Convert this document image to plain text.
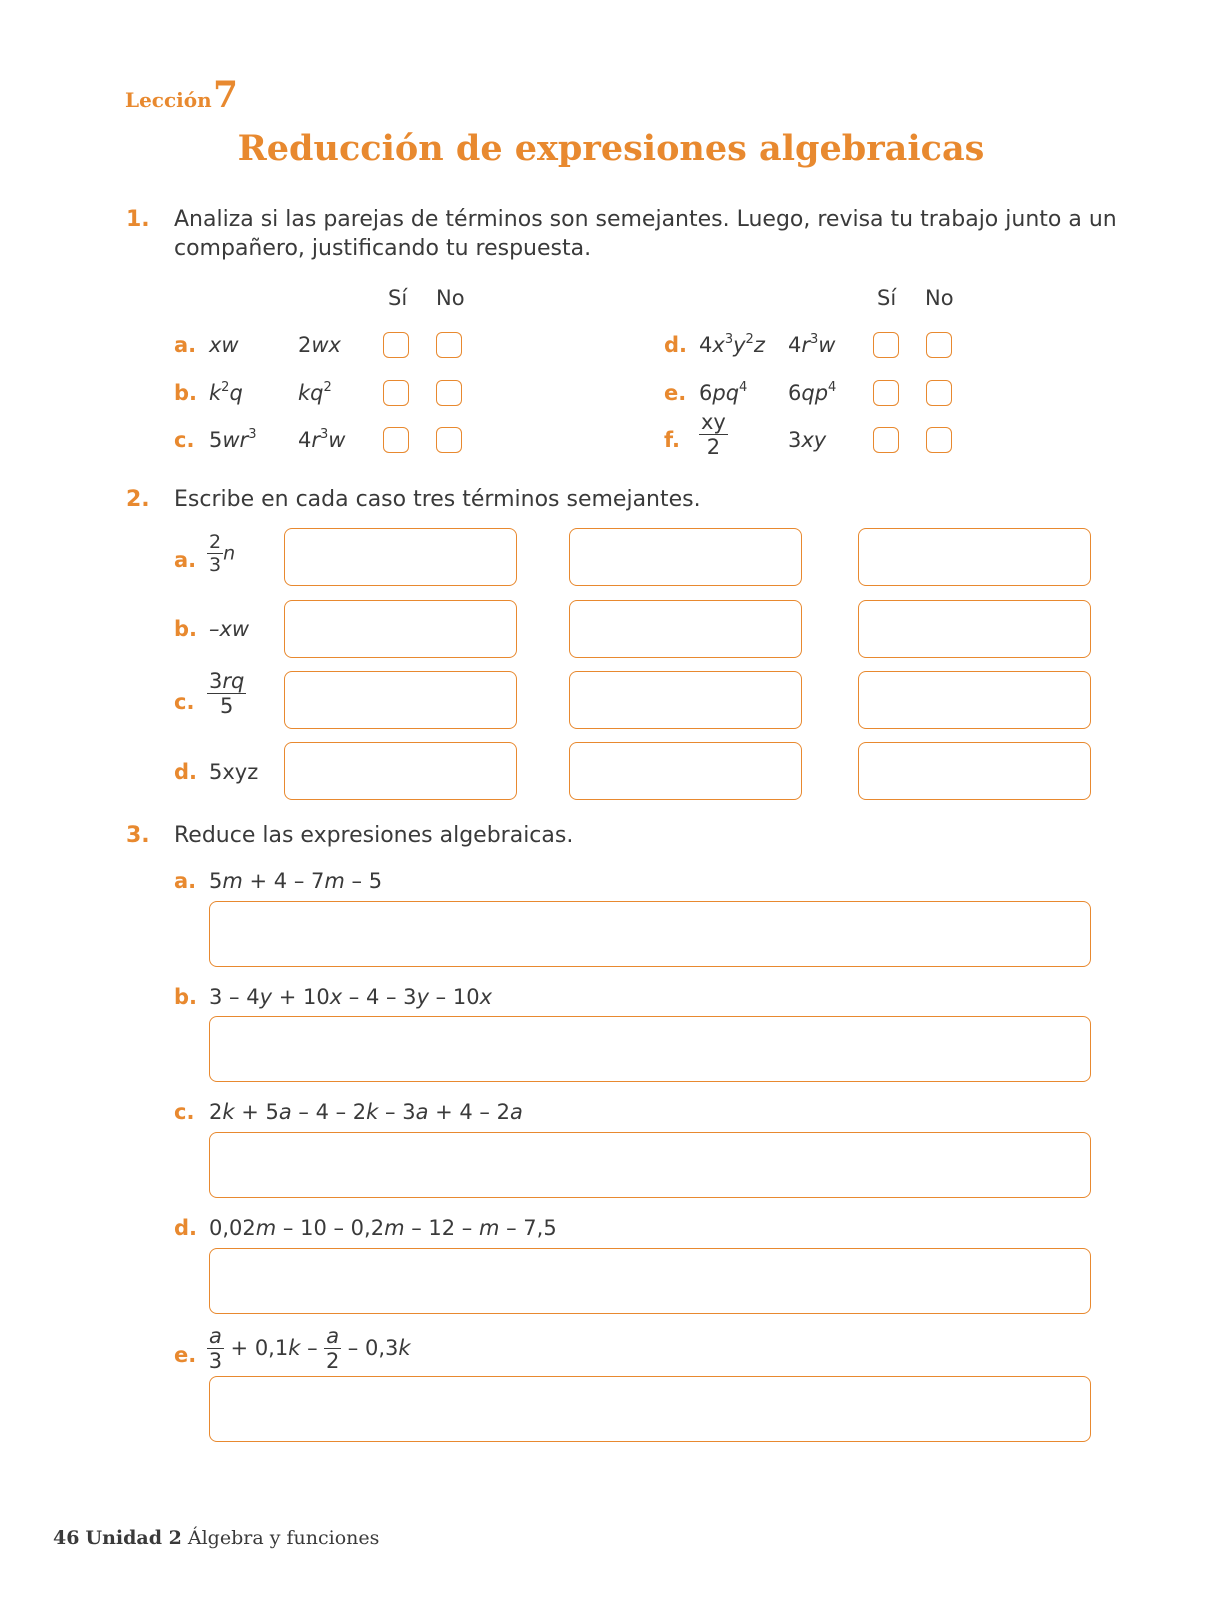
Lección 7
Reducción de expresiones algebraicas
1. Analiza si las parejas de términos son semejantes. Luego, revisa tu trabajo junto a un
compañero, justificando tu respuesta.
Sí No	Sí No
a. xw	2wx
b. $k^2q$	$kq^2$
c. $5wr^3$ $4r^3w$
d. $4x^3y^2z$ $4r^3w$
e. $6pq^4$ $6qp^4$
f. $\frac{xy}{2}$	3xy
2. Escribe en cada caso tres términos semejantes.
a. $\frac{2}{3}$ n
b. –xw
c. $\frac{3rq}{5}$
d. 5xyz
3. Reduce las expresiones algebraicas.
a. 5m + 4 – 7m – 5
b. 3 – 4y + 10x – 4 – 3y – 10x
c. 2k + 5a – 4 – 2k – 3a + 4 – 2a
d. 0,02m – 10 – 0,2m – 12 – m – 7,5
e. $\frac{a}{3} + 0,1k - \frac{a}{2} - 0,3k$
46 Unidad 2 Álgebra y funciones
